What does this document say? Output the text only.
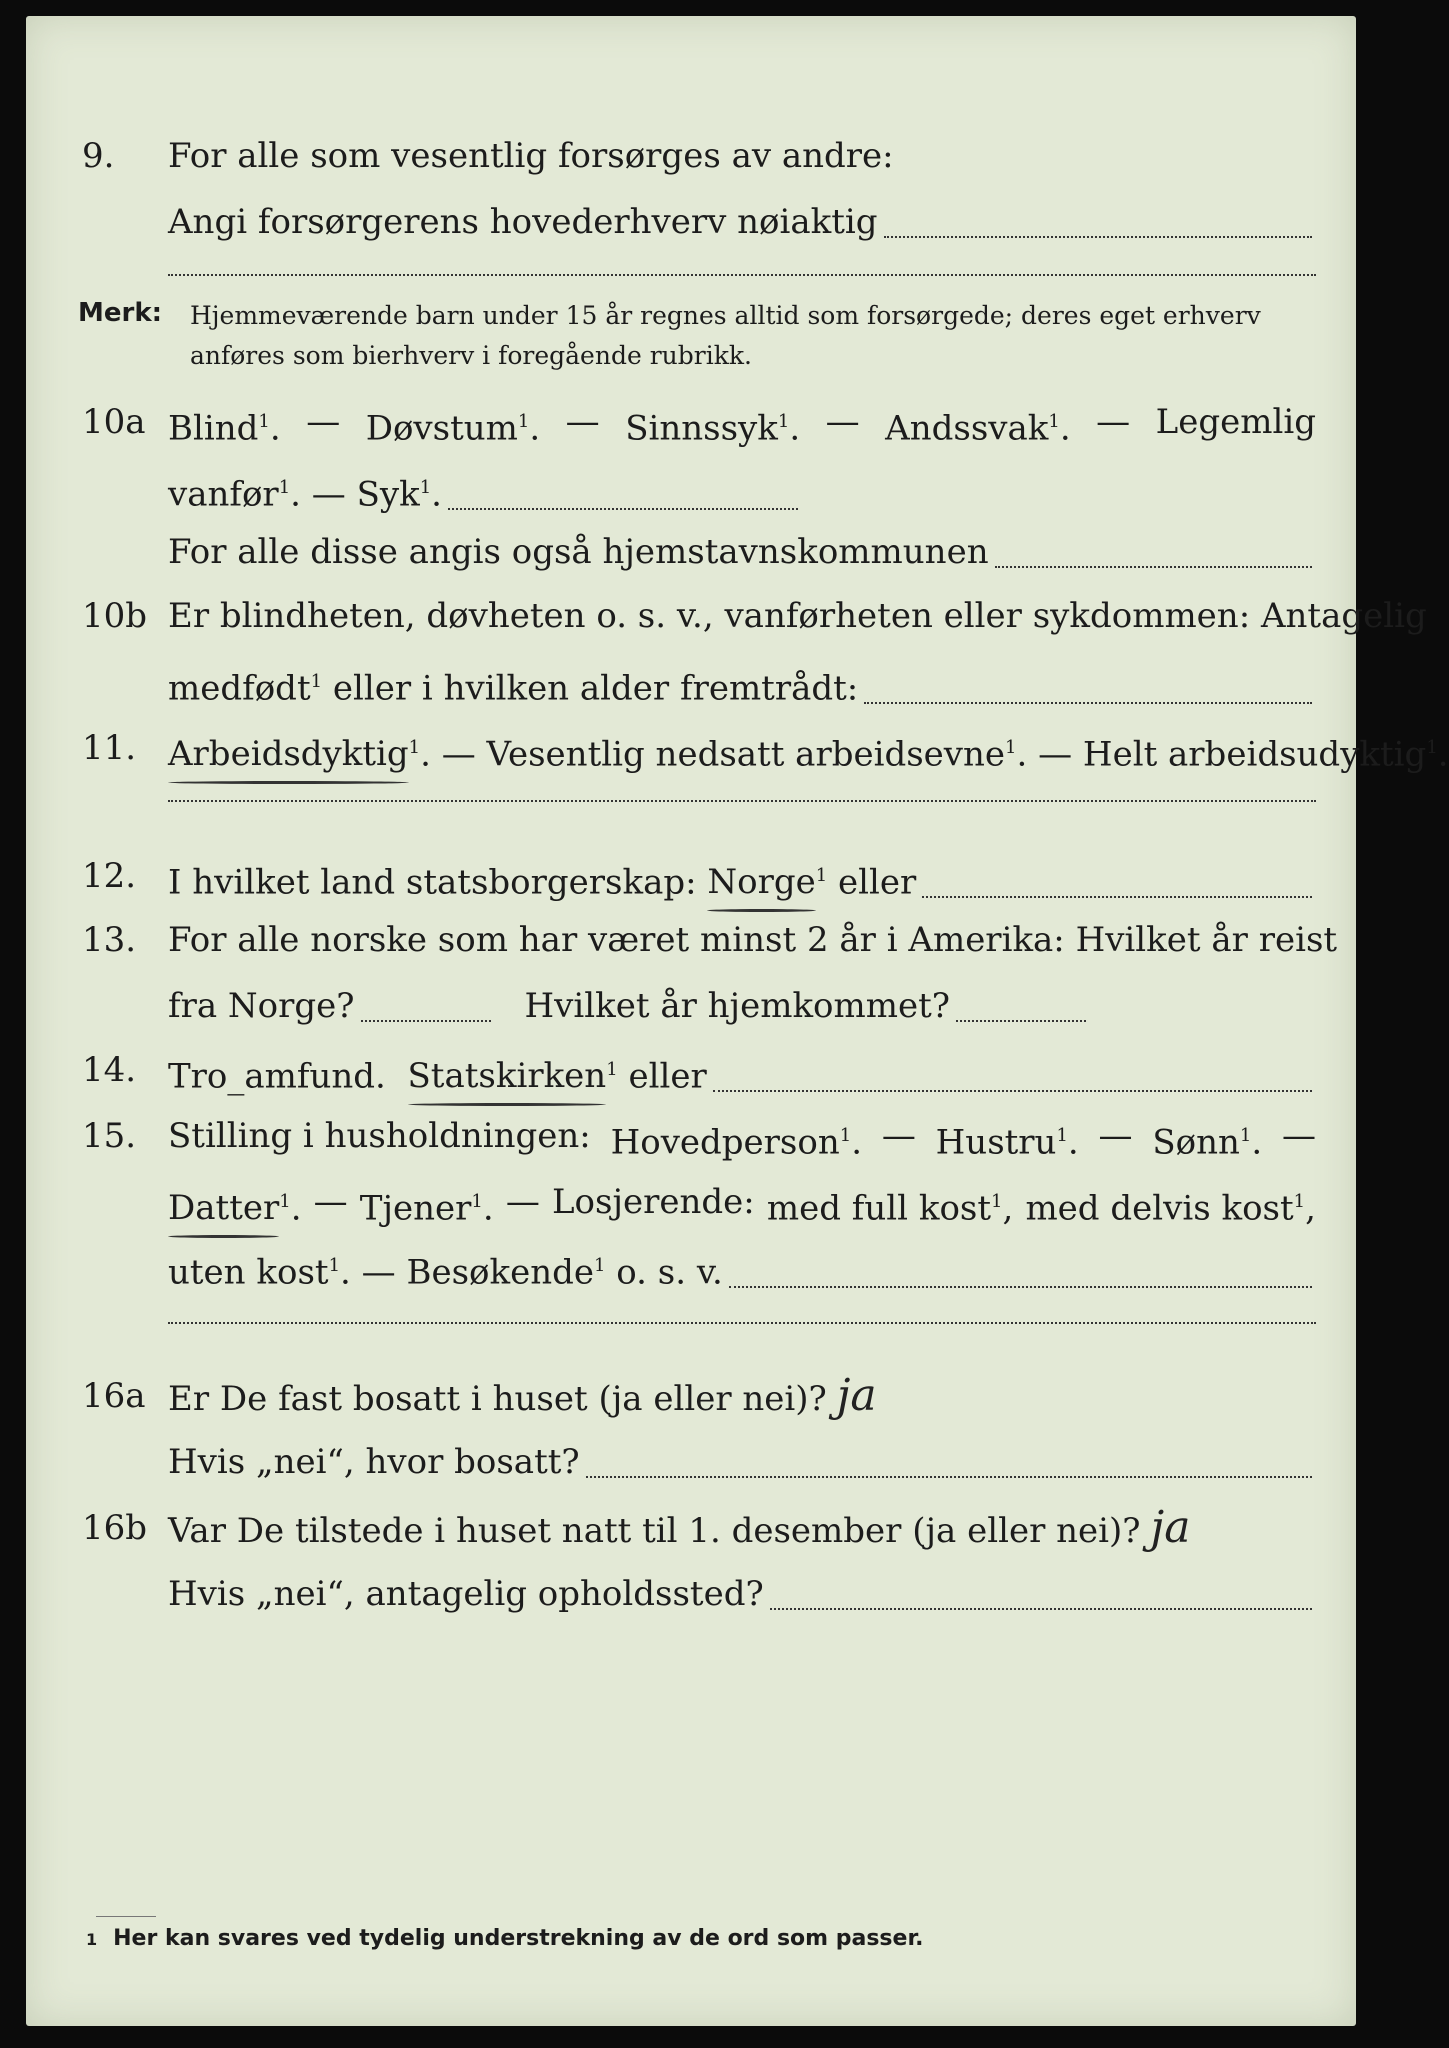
9. For alle som vesentlig forsørges av andre:
Angi forsørgerens hovederhverv nøiaktig
Merk: Hjemmeværende barn under 15 år regnes alltid som forsørgede; deres eget erhverv anføres som bierhverv i foregående rubrikk.
10a Blind$^1$. — Døvstum$^1$. — Sinnssyk$^1$. — Andssvak$^1$. — Legemlig
vanfør$^1$. — Syk$^1$.
For alle disse angis også hjemstavnskommunen
10b Er blindheten, døvheten o. s. v., vanførheten eller sykdommen: Antagelig
medfødt$^1$ eller i hvilken alder fremtrådt:
11. Arbeidsdyktig$^1$. — Vesentlig nedsatt arbeidsevne$^1$. — Helt arbeidsudyktig$^1$.
12. I hvilket land statsborgerskap: Norge$^1$ eller
13. For alle norske som har været minst 2 år i Amerika: Hvilket år reist
fra Norge?	Hvilket år hjemkommet?
14. Tro_amfund. Statskirken$^1$ eller
15. Stilling i husholdningen: Hovedperson$^1$. — Hustru$^1$. — Sønn$^1$. —
Datter$^1$. — Tjener$^1$. — Losjerende: med full kost$^1$, med delvis kost$^1$,
uten kost$^1$. — Besøkende$^1$ o. s. v.
16a Er De fast bosatt i huset (ja eller nei)? ja
Hvis „nei“, hvor bosatt?
16b Var De tilstede i huset natt til 1. desember (ja eller nei)? ja
Hvis „nei“, antagelig opholdssted?
1 Her kan svares ved tydelig understrekning av de ord som passer.
